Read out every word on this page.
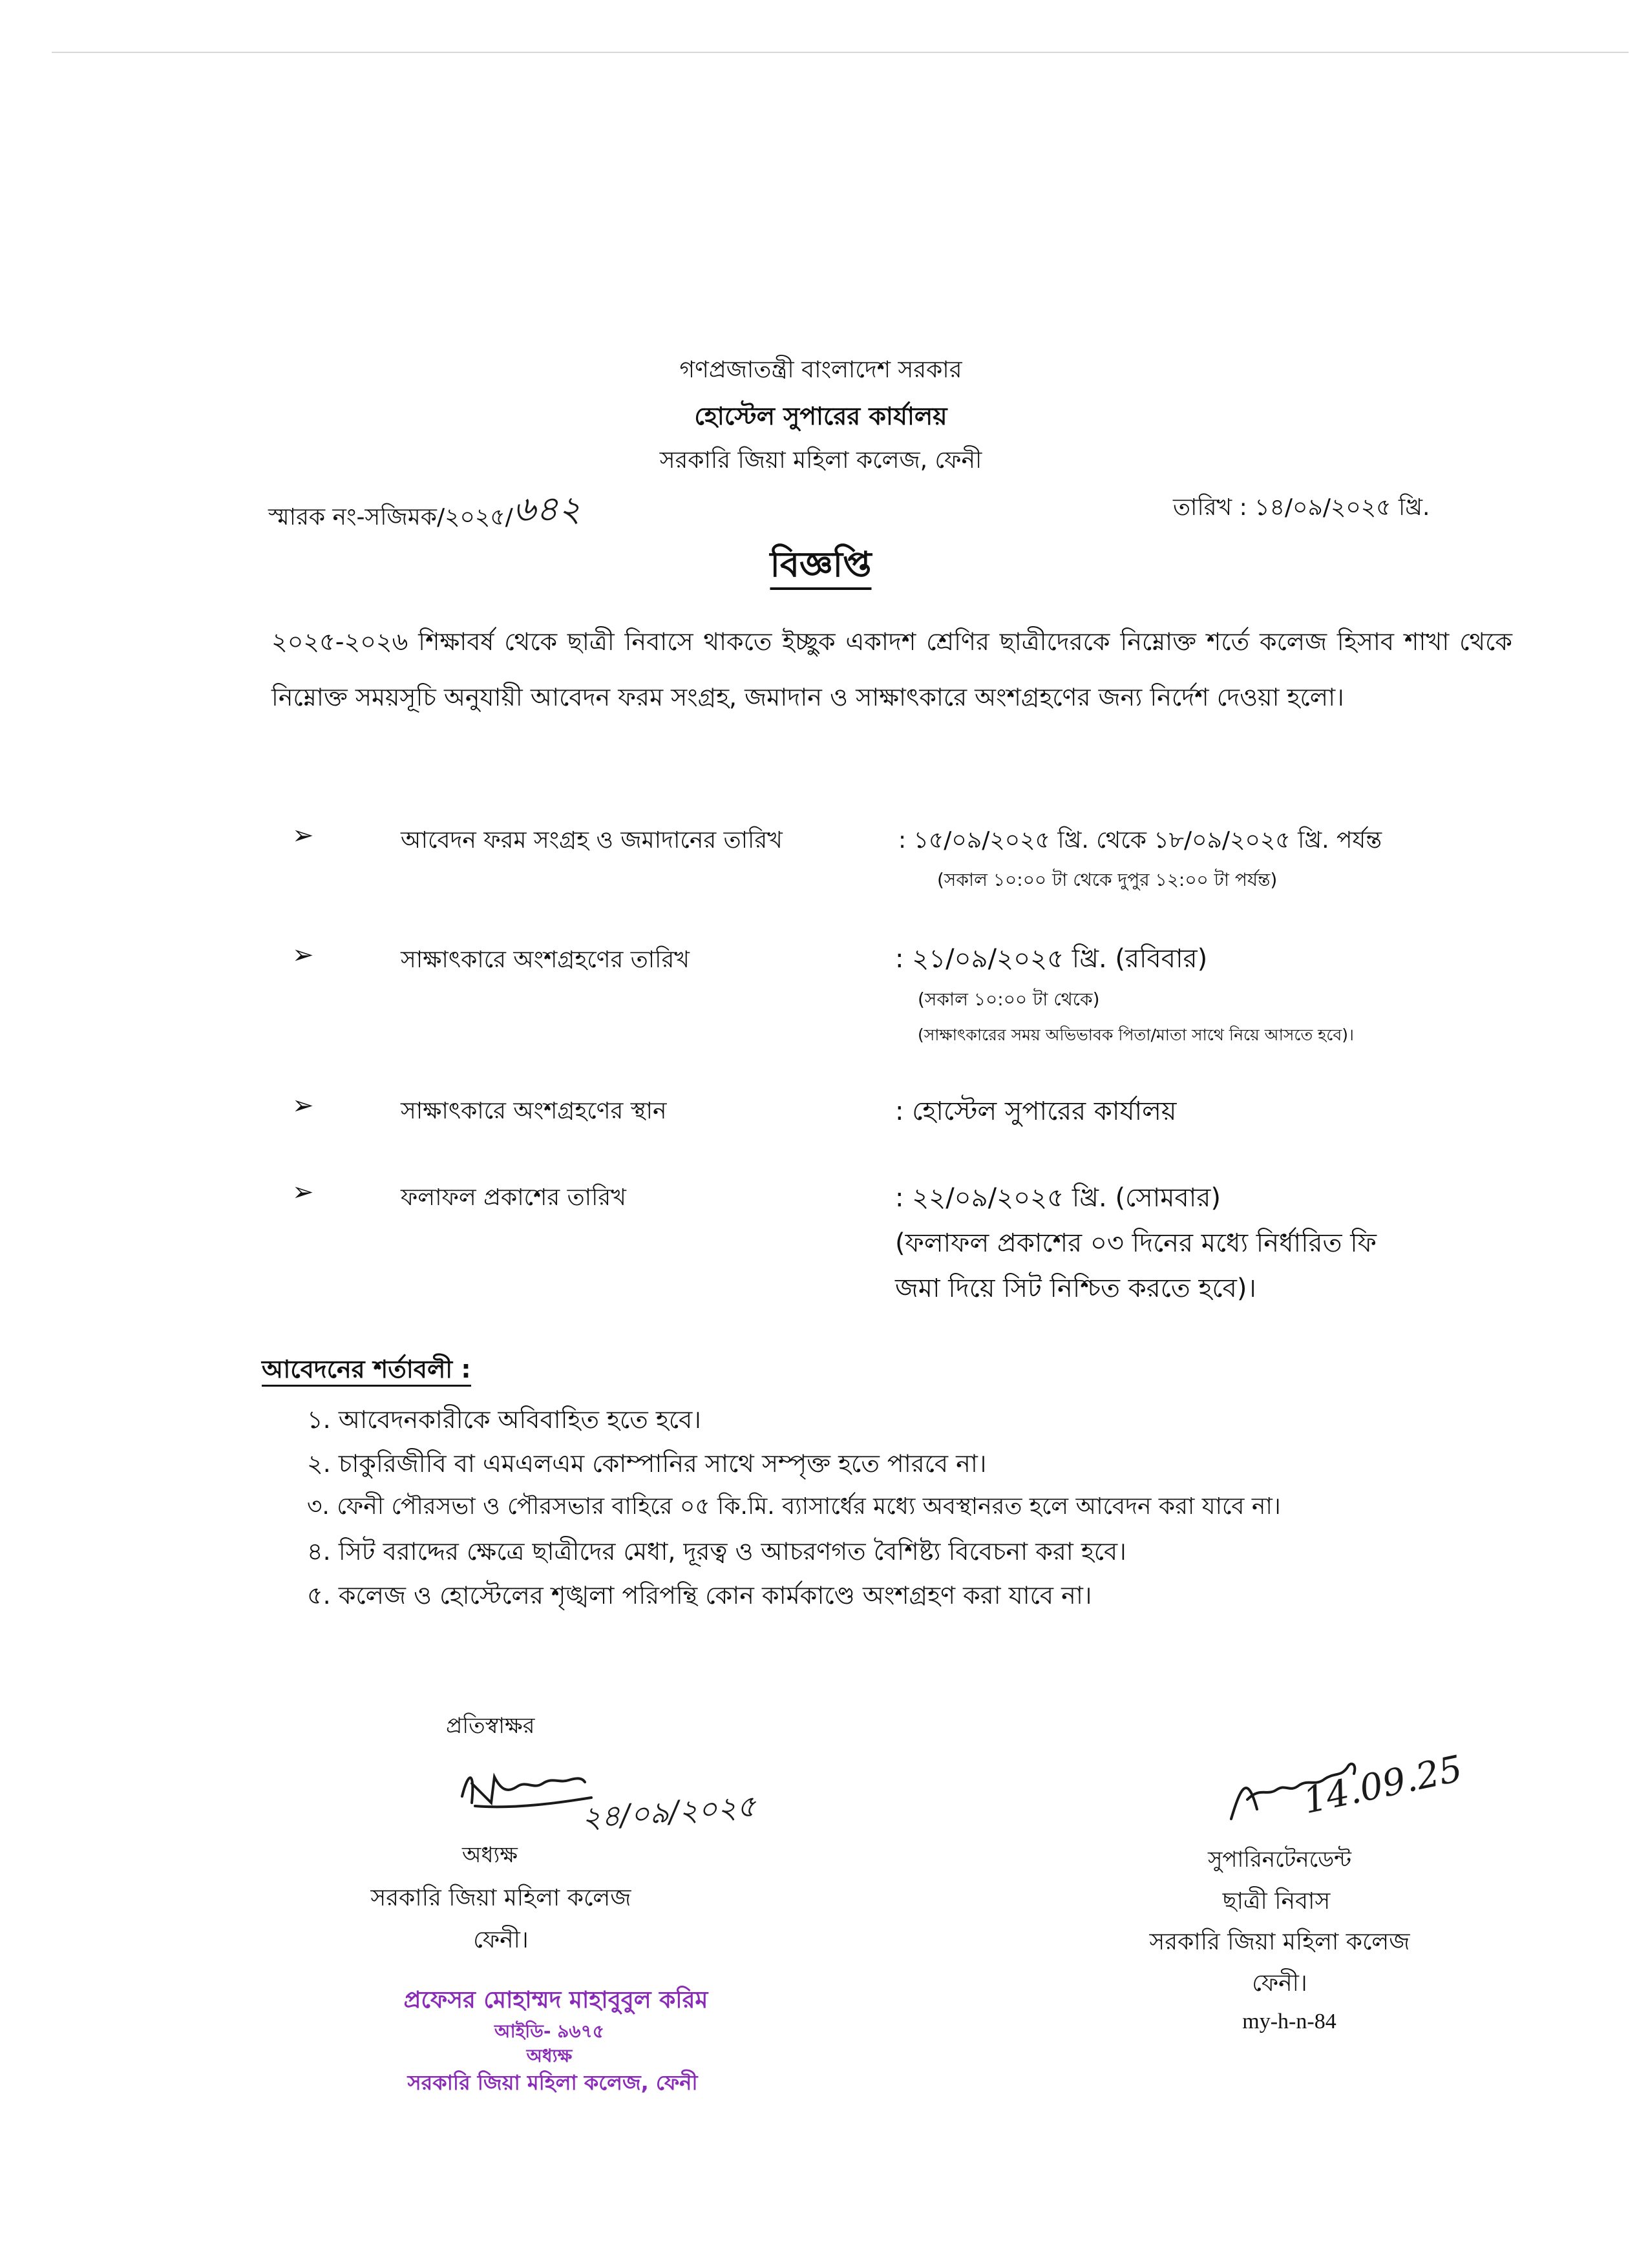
গণপ্রজাতন্ত্রী বাংলাদেশ সরকার
হোস্টেল সুপারের কার্যালয়
সরকারি জিয়া মহিলা কলেজ, ফেনী
স্মারক নং-সজিমক/২০২৫/৬৪২	তারিখ : ১৪/০৯/২০২৫ খ্রি.
বিজ্ঞপ্তি
২০২৫-২০২৬ শিক্ষাবর্ষ থেকে ছাত্রী নিবাসে থাকতে ইচ্ছুক একাদশ শ্রেণির ছাত্রীদেরকে নিম্নোক্ত শর্তে কলেজ হিসাব শাখা থেকে নিম্নোক্ত সময়সূচি অনুযায়ী আবেদন ফরম সংগ্রহ, জমাদান ও সাক্ষাৎকারে অংশগ্রহণের জন্য নির্দেশ দেওয়া হলো।
➢	আবেদন ফরম সংগ্রহ ও জমাদানের তারিখ	: ১৫/০৯/২০২৫ খ্রি. থেকে ১৮/০৯/২০২৫ খ্রি. পর্যন্ত
(সকাল ১০:০০ টা থেকে দুপুর ১২:০০ টা পর্যন্ত)
➢	সাক্ষাৎকারে অংশগ্রহণের তারিখ	: ২১/০৯/২০২৫ খ্রি. (রবিবার)
(সকাল ১০:০০ টা থেকে)
(সাক্ষাৎকারের সময় অভিভাবক পিতা/মাতা সাথে নিয়ে আসতে হবে)।
➢	সাক্ষাৎকারে অংশগ্রহণের স্থান	: হোস্টেল সুপারের কার্যালয়
➢	ফলাফল প্রকাশের তারিখ	: ২২/০৯/২০২৫ খ্রি. (সোমবার)
(ফলাফল প্রকাশের ০৩ দিনের মধ্যে নির্ধারিত ফি
জমা দিয়ে সিট নিশ্চিত করতে হবে)।
আবেদনের শর্তাবলী :
১. আবেদনকারীকে অবিবাহিত হতে হবে।
২. চাকুরিজীবি বা এমএলএম কোম্পানির সাথে সম্পৃক্ত হতে পারবে না।
৩. ফেনী পৌরসভা ও পৌরসভার বাহিরে ০৫ কি.মি. ব্যাসার্ধের মধ্যে অবস্থানরত হলে আবেদন করা যাবে না।
৪. সিট বরাদ্দের ক্ষেত্রে ছাত্রীদের মেধা, দূরত্ব ও আচরণগত বৈশিষ্ট্য বিবেচনা করা হবে।
৫. কলেজ ও হোস্টেলের শৃঙ্খলা পরিপন্থি কোন কার্মকাণ্ডে অংশগ্রহণ করা যাবে না।
প্রতিস্বাক্ষর
২৪/০৯/২০২৫
অধ্যক্ষ
সরকারি জিয়া মহিলা কলেজ
ফেনী।
প্রফেসর মোহাম্মদ মাহাবুবুল করিম
আইডি- ৯৬৭৫
অধ্যক্ষ
সরকারি জিয়া মহিলা কলেজ, ফেনী
14.09.25
সুপারিনটেনডেন্ট
ছাত্রী নিবাস
সরকারি জিয়া মহিলা কলেজ
ফেনী।
my-h-n-84
